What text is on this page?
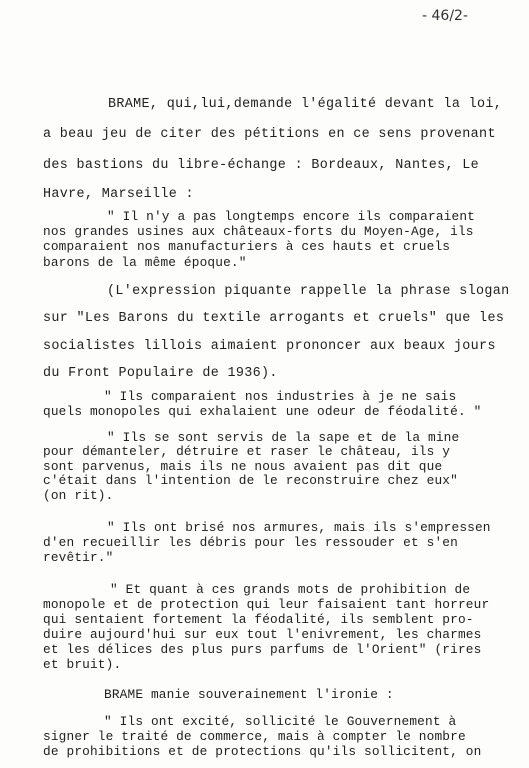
- 46/2-
BRAME, qui,lui,demande l'égalité devant la loi,
a beau jeu de citer des pétitions en ce sens provenant
des bastions du libre-échange : Bordeaux, Nantes, Le
Havre, Marseille :
" Il n'y a pas longtemps encore ils comparaient
nos grandes usines aux châteaux-forts du Moyen-Age, ils
comparaient nos manufacturiers à ces hauts et cruels
barons de la même époque."
(L'expression piquante rappelle la phrase slogan
sur "Les Barons du textile arrogants et cruels" que les
socialistes lillois aimaient prononcer aux beaux jours
du Front Populaire de 1936).
" Ils comparaient nos industries à je ne sais
quels monopoles qui exhalaient une odeur de féodalité. "
" Ils se sont servis de la sape et de la mine
pour démanteler, détruire et raser le château, ils y
sont parvenus, mais ils ne nous avaient pas dit que
c'était dans l'intention de le reconstruire chez eux"
(on rit).
" Ils ont brisé nos armures, mais ils s'empressen
d'en recueillir les débris pour les ressouder et s'en
revêtir."
" Et quant à ces grands mots de prohibition de
monopole et de protection qui leur faisaient tant horreur
qui sentaient fortement la féodalité, ils semblent pro-
duire aujourd'hui sur eux tout l'enivrement, les charmes
et les délices des plus purs parfums de l'Orient" (rires
et bruit).
BRAME manie souverainement l'ironie :
" Ils ont excité, sollicité le Gouvernement à
signer le traité de commerce, mais à compter le nombre
de prohibitions et de protections qu'ils sollicitent, on
